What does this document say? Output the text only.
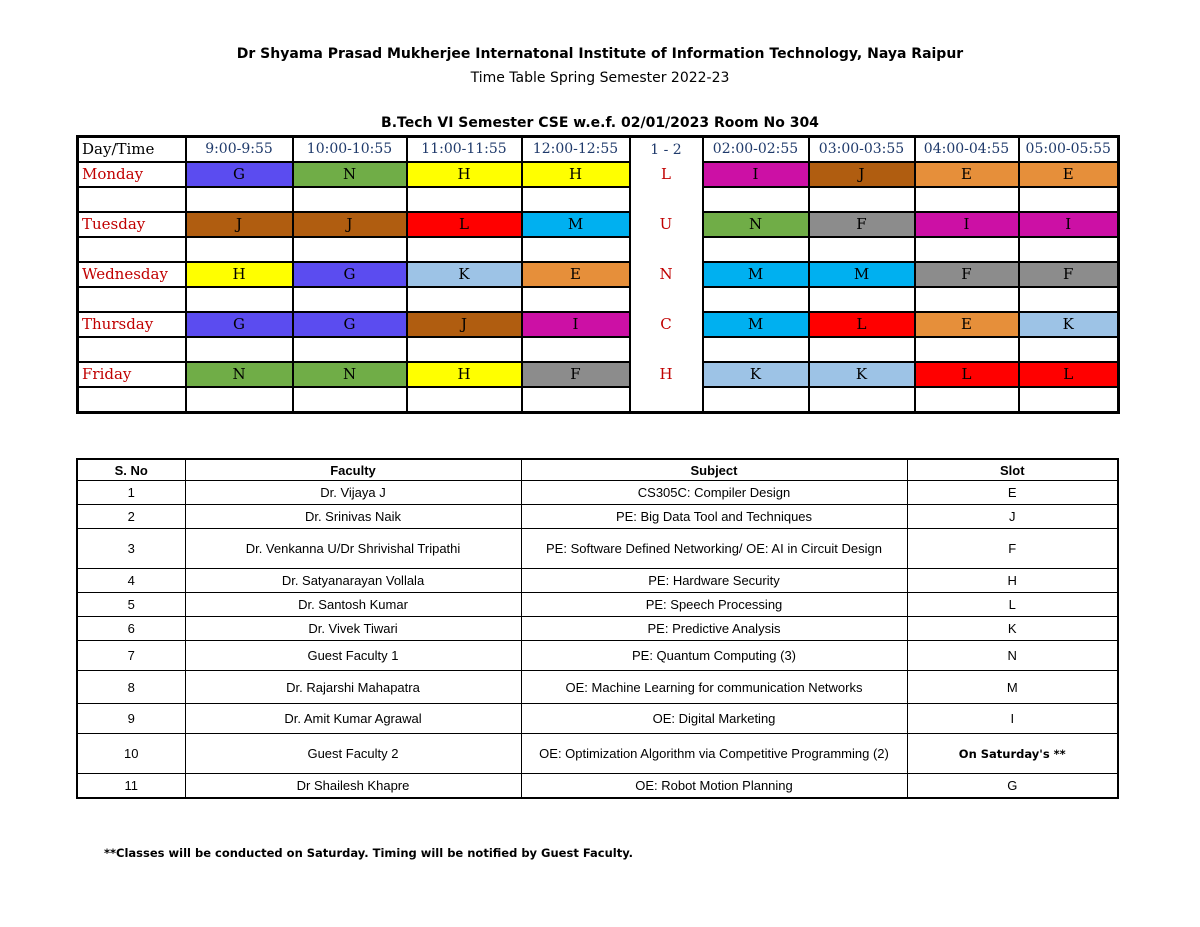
Dr Shyama Prasad Mukherjee Internatonal Institute of Information Technology, Naya Raipur
Time Table Spring Semester 2022-23
B.Tech VI Semester CSE w.e.f. 02/01/2023 Room No 304
Day/Time	9:00-9:55	10:00-10:55	11:00-11:55	12:00-12:55	1 - 2	02:00-02:55	03:00-03:55	04:00-04:55	05:00-05:55
Monday	G	N	H	H	L	I	J	E	E

Tuesday	J	J	L	M	U	N	F	I	I

Wednesday	H	G	K	E	N	M	M	F	F

Thursday	G	G	J	I	C	M	L	E	K

Friday	N	N	H	F	H	K	K	L	L

S. No	Faculty	Subject	Slot
1	Dr. Vijaya J	CS305C: Compiler Design	E
2	Dr. Srinivas Naik	PE: Big Data Tool and Techniques	J
3	Dr. Venkanna U/Dr Shrivishal Tripathi	PE: Software Defined Networking/ OE: AI in Circuit Design	F
4	Dr. Satyanarayan Vollala	PE: Hardware Security	H
5	Dr. Santosh Kumar	PE: Speech Processing	L
6	Dr. Vivek Tiwari	PE: Predictive Analysis	K
7	Guest Faculty 1	PE: Quantum Computing (3)	N
8	Dr. Rajarshi Mahapatra	OE: Machine Learning for communication Networks	M
9	Dr. Amit Kumar Agrawal	OE: Digital Marketing	I
10	Guest Faculty 2	OE: Optimization Algorithm via Competitive Programming (2)	On Saturday's **
11	Dr Shailesh Khapre	OE: Robot Motion Planning	G
**Classes will be conducted on Saturday. Timing will be notified by Guest Faculty.
